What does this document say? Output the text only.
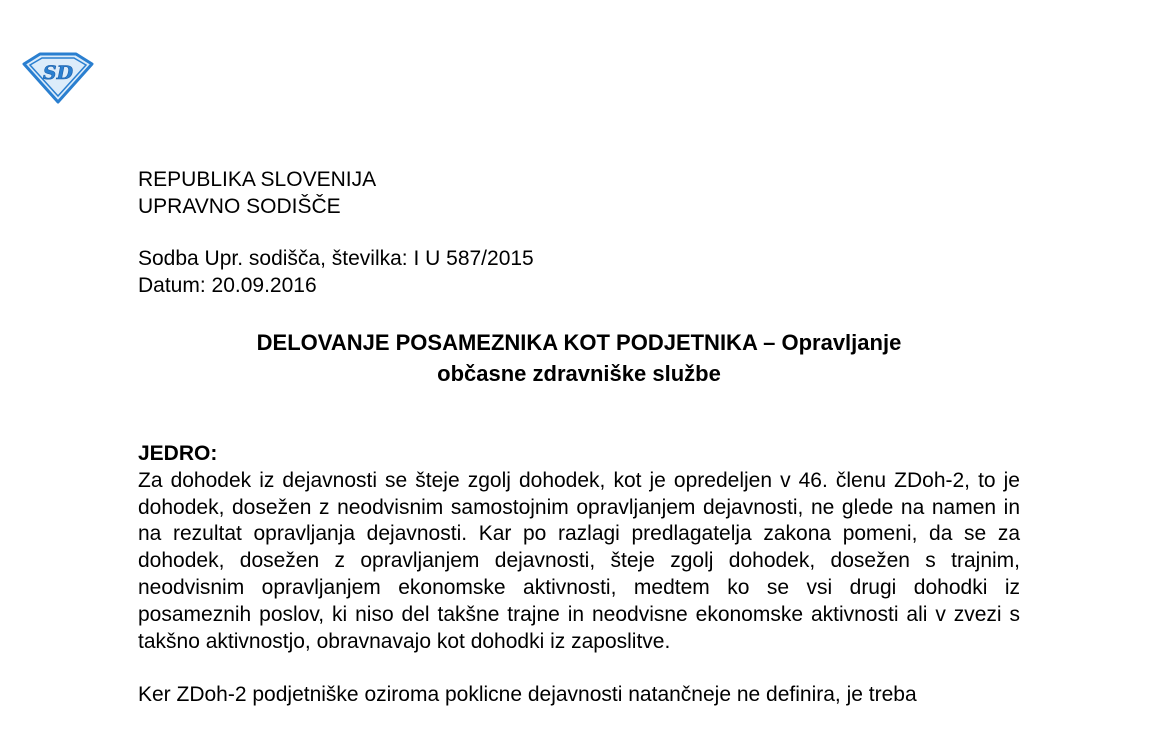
SD
REPUBLIKA SLOVENIJA
UPRAVNO SODIŠČE
Sodba Upr. sodišča, številka: I U 587/2015
Datum: 20.09.2016
DELOVANJE POSAMEZNIKA KOT PODJETNIKA – Opravljanje
občasne zdravniške službe
JEDRO:

Za dohodek iz dejavnosti se šteje zgolj dohodek, kot je opredeljen v 46. členu ZDoh-2, to je dohodek, dosežen z neodvisnim samostojnim opravljanjem dejavnosti, ne glede na namen in na rezultat opravljanja dejavnosti. Kar po razlagi predlagatelja zakona pomeni, da se za dohodek, dosežen z opravljanjem dejavnosti, šteje zgolj dohodek, dosežen s trajnim, neodvisnim opravljanjem ekonomske aktivnosti, medtem ko se vsi drugi dohodki iz posameznih poslov, ki niso del takšne trajne in neodvisne ekonomske aktivnosti ali v zvezi s takšno aktivnostjo, obravnavajo kot dohodki iz zaposlitve.

Ker ZDoh-2 podjetniške oziroma poklicne dejavnosti natančneje ne definira, je treba
